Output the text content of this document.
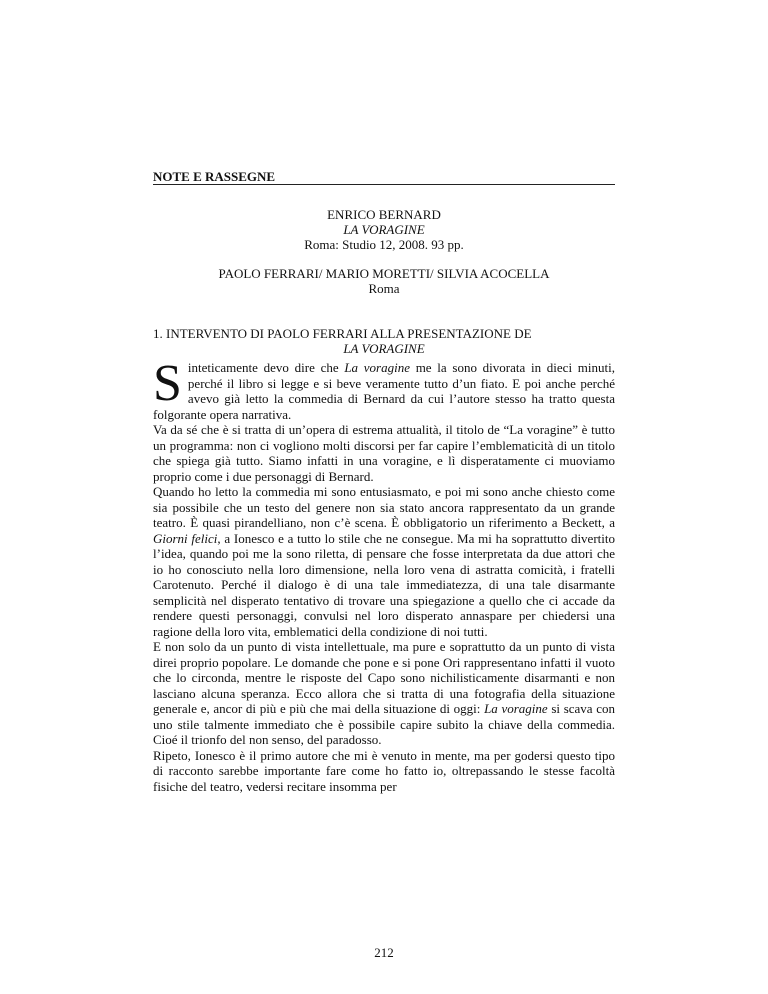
NOTE E RASSEGNE
ENRICO BERNARD
LA VORAGINE
Roma: Studio 12, 2008. 93 pp.
PAOLO FERRARI/ MARIO MORETTI/ SILVIA ACOCELLA
Roma
1. INTERVENTO DI PAOLO FERRARI ALLA PRESENTAZIONE DE
LA VORAGINE

Sinteticamente devo dire che La voragine me la sono divorata in dieci minuti, perché il libro si legge e si beve veramente tutto d’un fiato. E poi anche perché avevo già letto la commedia di Bernard da cui l’autore stesso ha tratto questa folgorante opera narrativa.

Va da sé che è si tratta di un’opera di estrema attualità, il titolo de “La voragine” è tutto un programma: non ci vogliono molti discorsi per far capire l’emblematicità di un titolo che spiega già tutto. Siamo infatti in una voragine, e lì disperatamente ci muoviamo proprio come i due personaggi di Bernard.

Quando ho letto la commedia mi sono entusiasmato, e poi mi sono anche chiesto come sia possibile che un testo del genere non sia stato ancora rappresentato da un grande teatro. È quasi pirandelliano, non c’è scena. È obbligatorio un riferimento a Beckett, a Giorni felici, a Ionesco e a tutto lo stile che ne consegue. Ma mi ha soprattutto divertito l’idea, quando poi me la sono riletta, di pensare che fosse interpretata da due attori che io ho conosciuto nella loro dimensione, nella loro vena di astratta comicità, i fratelli Carotenuto. Perché il dialogo è di una tale immediatezza, di una tale disarmante semplicità nel disperato tentativo di trovare una spiegazione a quello che ci accade da rendere questi personaggi, convulsi nel loro disperato annaspare per chiedersi una ragione della loro vita, emblematici della condizione di noi tutti.

E non solo da un punto di vista intellettuale, ma pure e soprattutto da un punto di vista direi proprio popolare. Le domande che pone e si pone Ori rappresentano infatti il vuoto che lo circonda, mentre le risposte del Capo sono nichilisticamente disarmanti e non lasciano alcuna speranza. Ecco allora che si tratta di una fotografia della situazione generale e, ancor di più e più che mai della situazione di oggi: La voragine si scava con uno stile talmente immediato che è possibile capire subito la chiave della commedia. Cioé il trionfo del non senso, del paradosso.

Ripeto, Ionesco è il primo autore che mi è venuto in mente, ma per godersi questo tipo di racconto sarebbe importante fare come ho fatto io, oltrepassando le stesse facoltà fisiche del teatro, vedersi recitare insomma per

212
